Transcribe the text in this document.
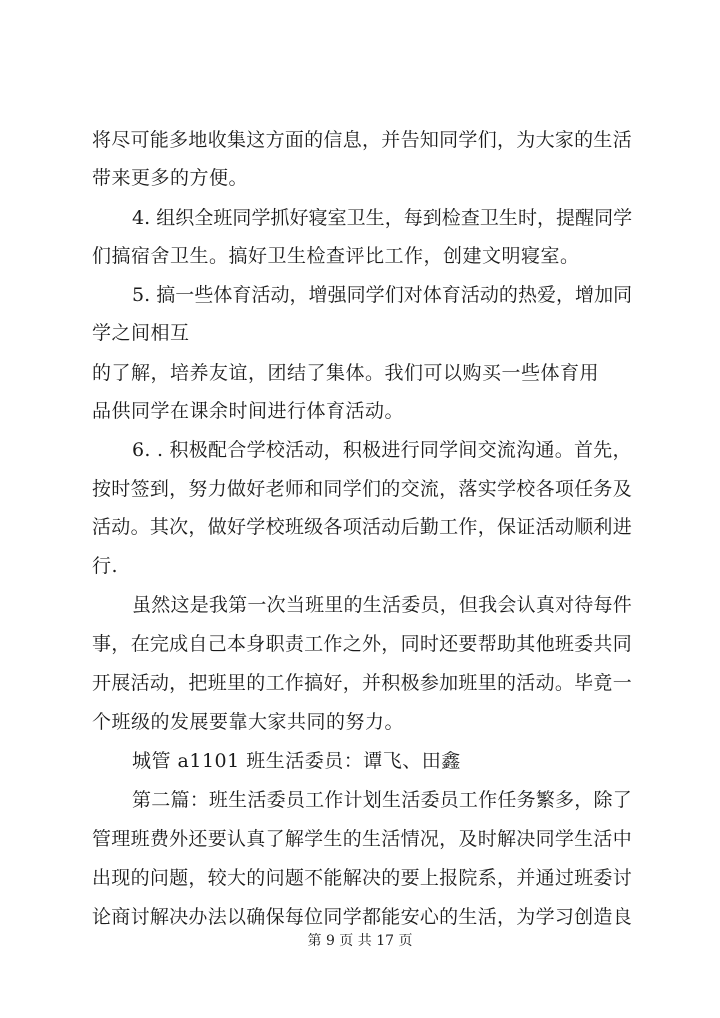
将尽可能多地收集这方面的信息，并告知同学们，为大家的生活
带来更多的方便。
4. 组织全班同学抓好寝室卫生，每到检查卫生时，提醒同学
们搞宿舍卫生。搞好卫生检查评比工作，创建文明寝室。
5. 搞一些体育活动，增强同学们对体育活动的热爱，增加同
学之间相互
的了解，培养友谊，团结了集体。我们可以购买一些体育用
品供同学在课余时间进行体育活动。
6. . 积极配合学校活动，积极进行同学间交流沟通。首先，
按时签到，努力做好老师和同学们的交流，落实学校各项任务及
活动。其次，做好学校班级各项活动后勤工作，保证活动顺利进
行.
虽然这是我第一次当班里的生活委员，但我会认真对待每件
事，在完成自己本身职责工作之外，同时还要帮助其他班委共同
开展活动，把班里的工作搞好，并积极参加班里的活动。毕竟一
个班级的发展要靠大家共同的努力。
城管 a1101 班生活委员：谭飞、田鑫
第二篇：班生活委员工作计划生活委员工作任务繁多，除了
管理班费外还要认真了解学生的生活情况，及时解决同学生活中
出现的问题，较大的问题不能解决的要上报院系，并通过班委讨
论商讨解决办法以确保每位同学都能安心的生活，为学习创造良
第 9 页 共 17 页
